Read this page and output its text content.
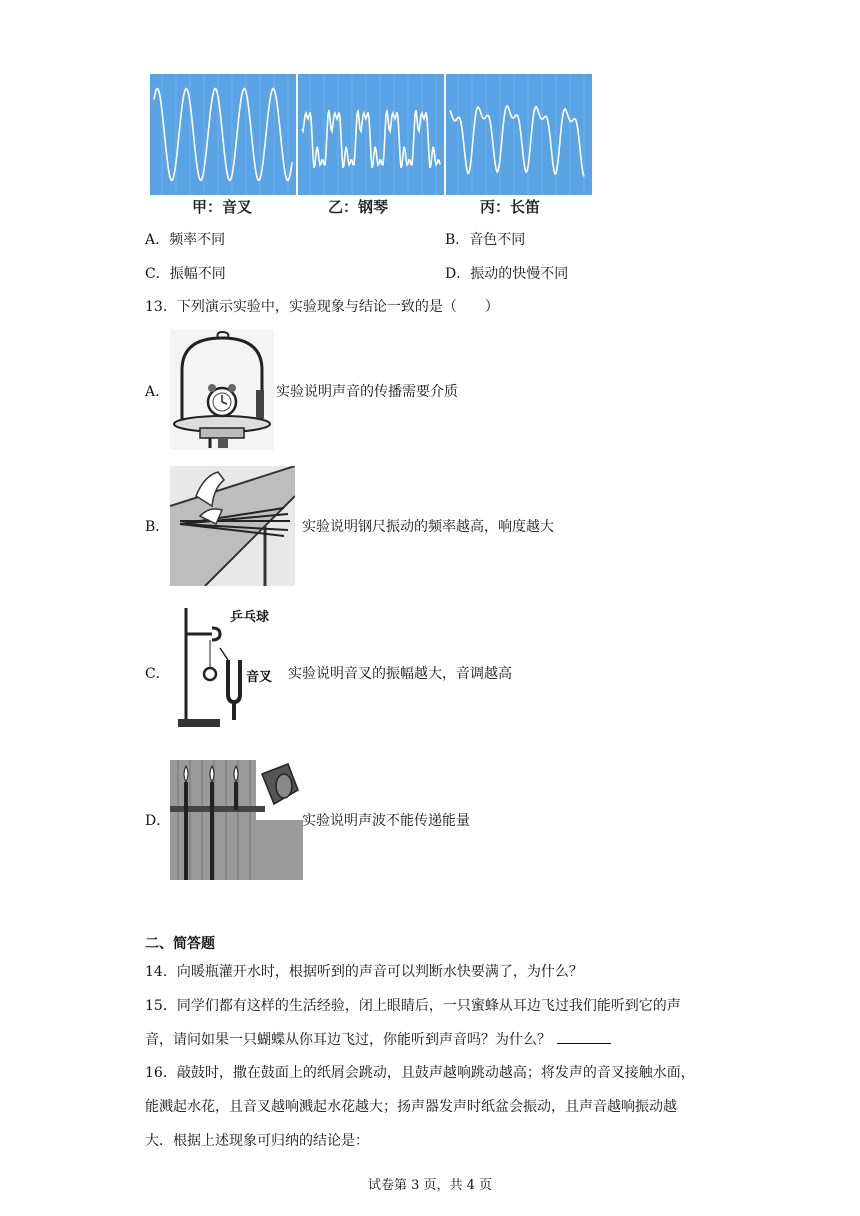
甲：音叉	乙：钢琴	丙：长笛
A．频率不同	B．音色不同
C．振幅不同	D．振动的快慢不同
13．下列演示实验中，实验现象与结论一致的是（　　）
A．	实验说明声音的传播需要介质
B．	实验说明钢尺振动的频率越高，响度越大
C．
乒乓球
音叉 实验说明音叉的振幅越大，音调越高
D．	实验说明声波不能传递能量
二、简答题
14．向暖瓶灌开水时，根据听到的声音可以判断水快要满了，为什么？
15．同学们都有这样的生活经验，闭上眼睛后，一只蜜蜂从耳边飞过我们能听到它的声
音，请问如果一只蝴蝶从你耳边飞过，你能听到声音吗？为什么？
16．敲鼓时，撒在鼓面上的纸屑会跳动，且鼓声越响跳动越高；将发声的音叉接触水面，
能溅起水花，且音叉越响溅起水花越大；扬声器发声时纸盆会振动，且声音越响振动越
大．根据上述现象可归纳的结论是：
试卷第 3 页，共 4 页
